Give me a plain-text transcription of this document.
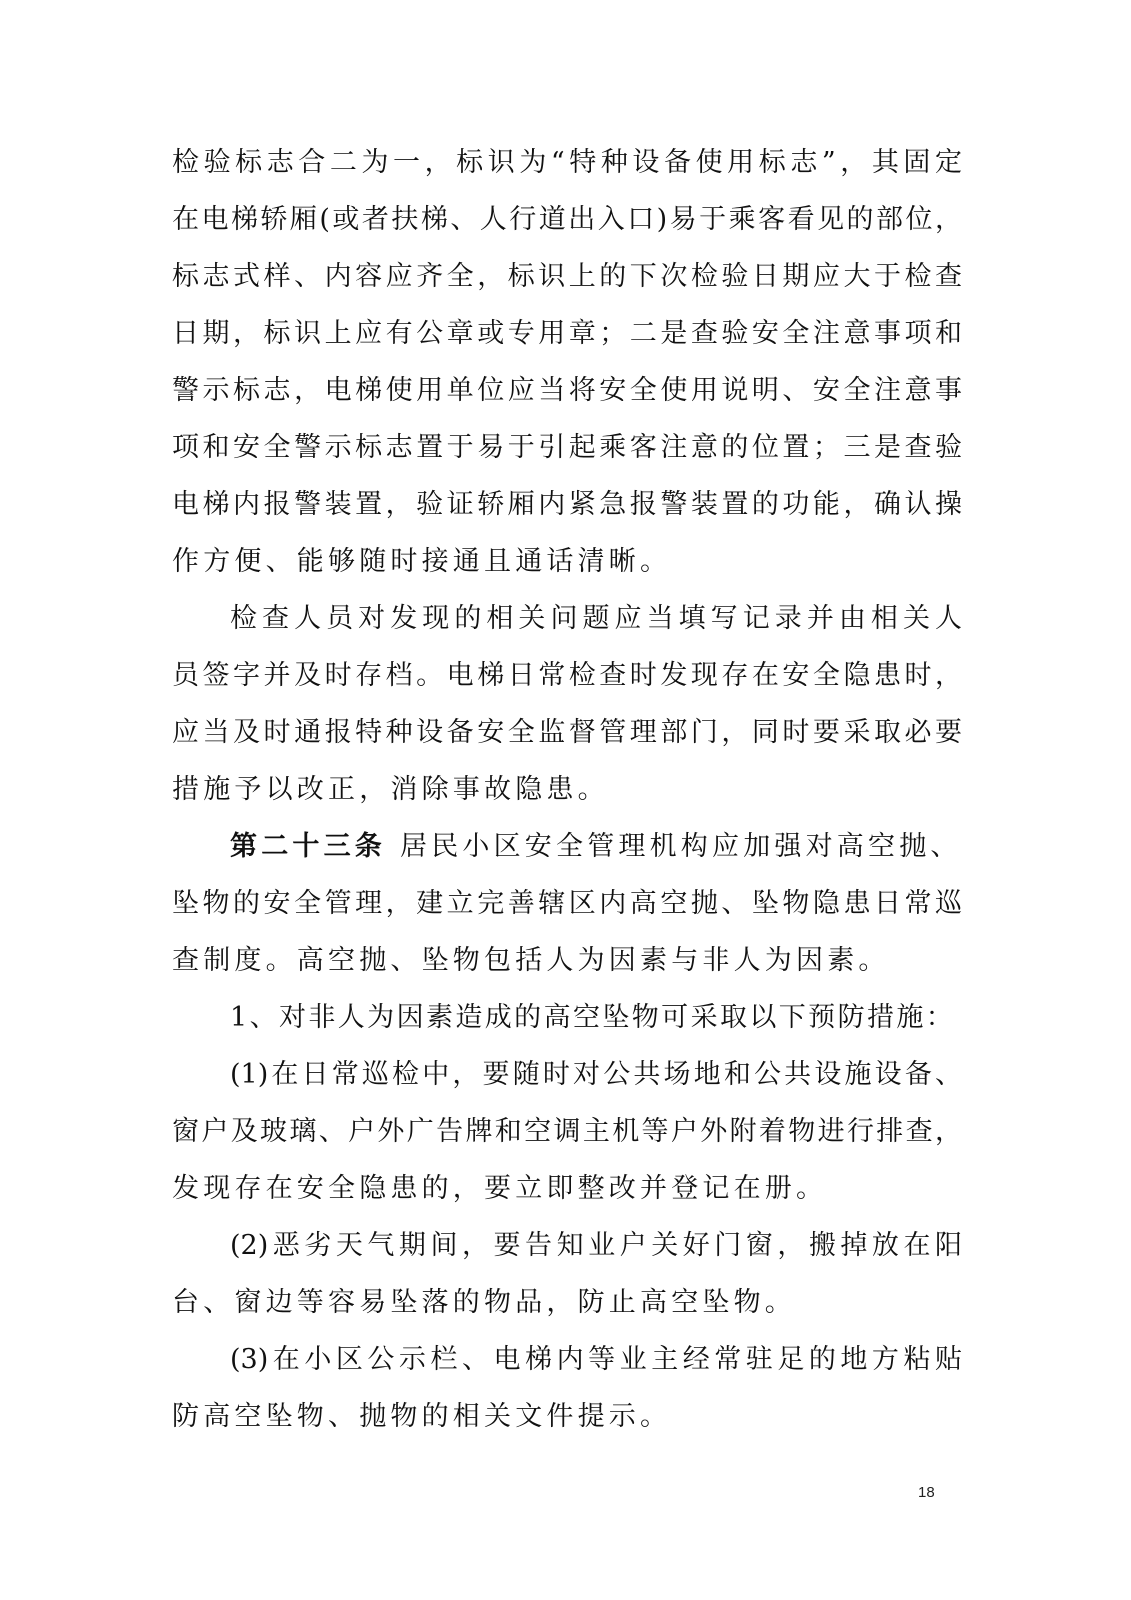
检验标志合二为一，标识为“特种设备使用标志”，其固定
在电梯轿厢(或者扶梯、人行道出入口)易于乘客看见的部位，
标志式样、内容应齐全，标识上的下次检验日期应大于检查
日期，标识上应有公章或专用章；二是查验安全注意事项和
警示标志，电梯使用单位应当将安全使用说明、安全注意事
项和安全警示标志置于易于引起乘客注意的位置；三是查验
电梯内报警装置，验证轿厢内紧急报警装置的功能，确认操
作方便、能够随时接通且通话清晰。
检查人员对发现的相关问题应当填写记录并由相关人
员签字并及时存档。电梯日常检查时发现存在安全隐患时，
应当及时通报特种设备安全监督管理部门，同时要采取必要
措施予以改正，消除事故隐患。
第二十三条 居民小区安全管理机构应加强对高空抛、
坠物的安全管理，建立完善辖区内高空抛、坠物隐患日常巡
查制度。高空抛、坠物包括人为因素与非人为因素。
1、对非人为因素造成的高空坠物可采取以下预防措施：
(1)在日常巡检中，要随时对公共场地和公共设施设备、
窗户及玻璃、户外广告牌和空调主机等户外附着物进行排查，
发现存在安全隐患的，要立即整改并登记在册。
(2)恶劣天气期间，要告知业户关好门窗，搬掉放在阳
台、窗边等容易坠落的物品，防止高空坠物。
(3)在小区公示栏、电梯内等业主经常驻足的地方粘贴
防高空坠物、抛物的相关文件提示。
18
